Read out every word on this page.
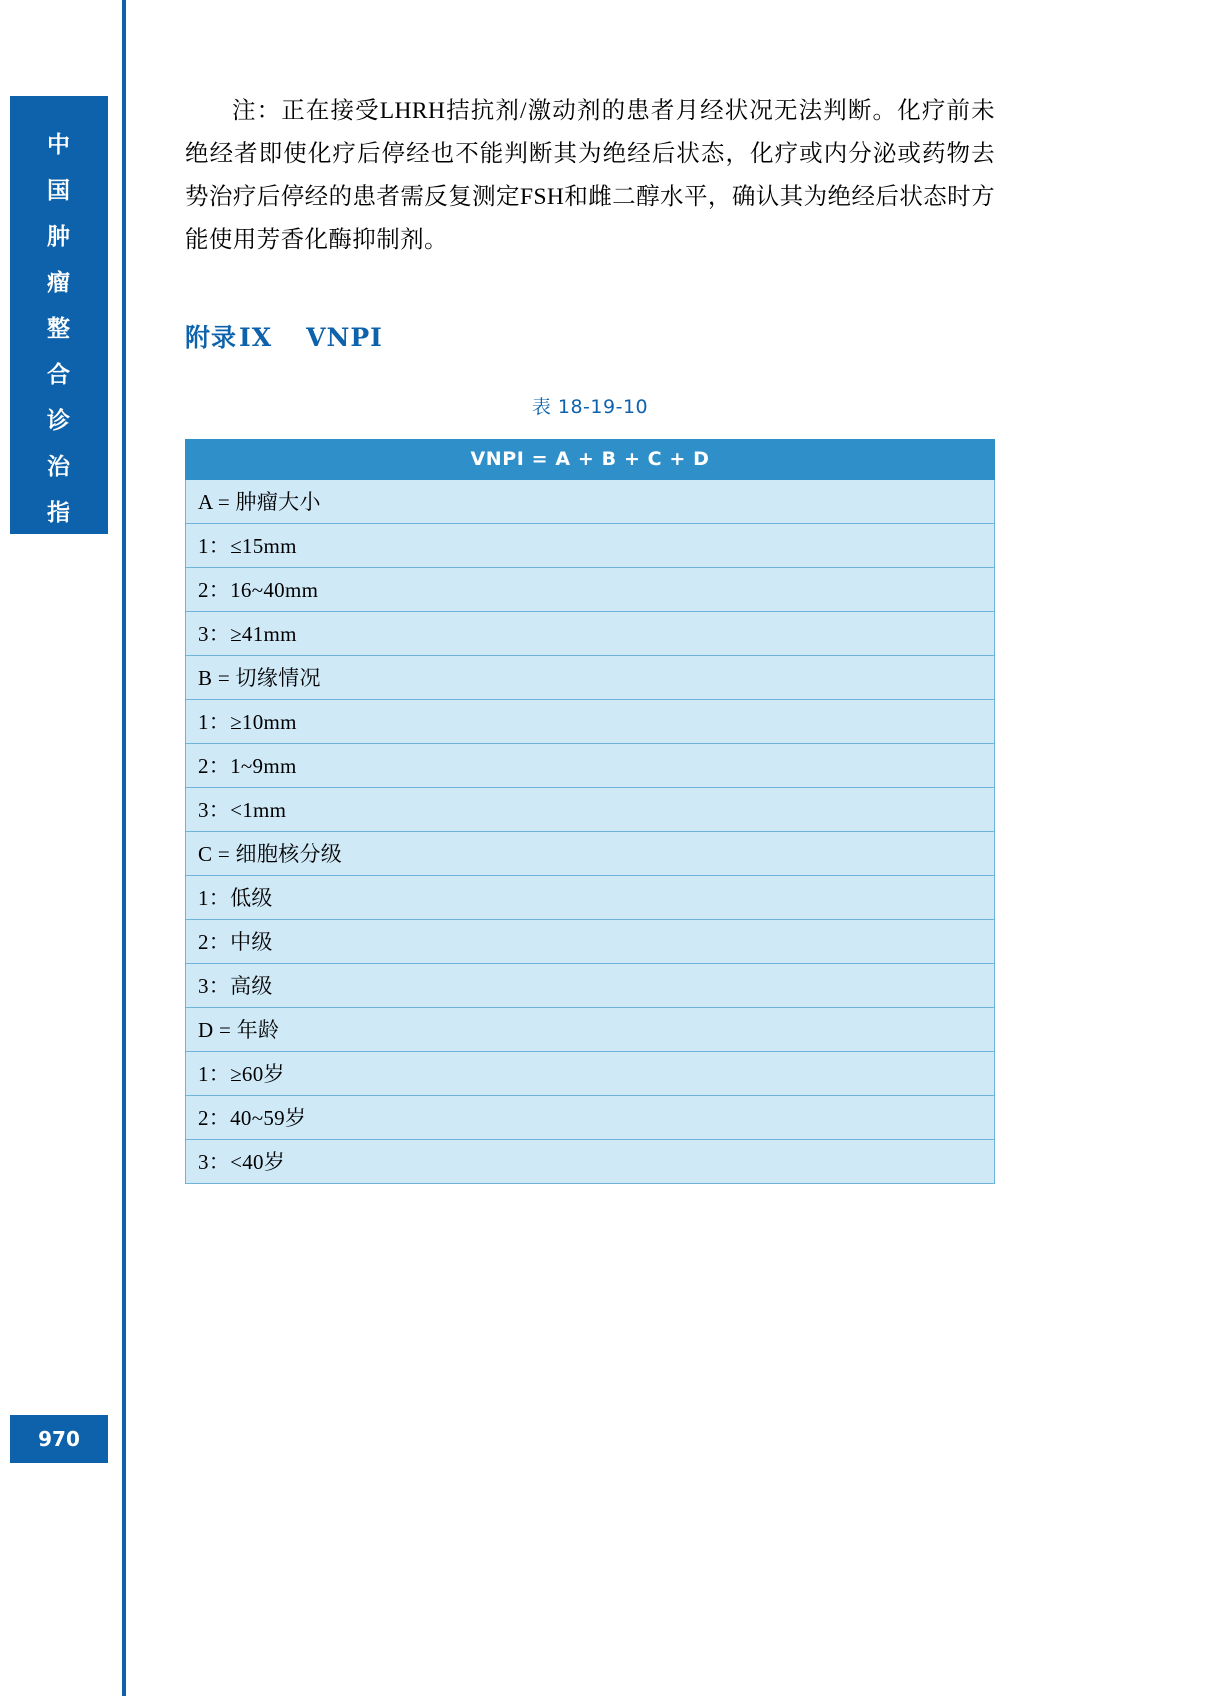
中
国
肿
瘤
整
合
诊
治
指
南
970

注：正在接受LHRH拮抗剂/激动剂的患者月经状况无法判断。化疗前未绝经者即使化疗后停经也不能判断其为绝经后状态，化疗或内分泌或药物去势治疗后停经的患者需反复测定FSH和雌二醇水平，确认其为绝经后状态时方能使用芳香化酶抑制剂。

附录IX VNPI
表 18-19-10
VNPI = A + B + C + D
A = 肿瘤大小
1：≤15mm
2：16~40mm
3：≥41mm
B = 切缘情况
1：≥10mm
2：1~9mm
3：<1mm
C = 细胞核分级
1：低级
2：中级
3：高级
D = 年龄
1：≥60岁
2：40~59岁
3：<40岁
